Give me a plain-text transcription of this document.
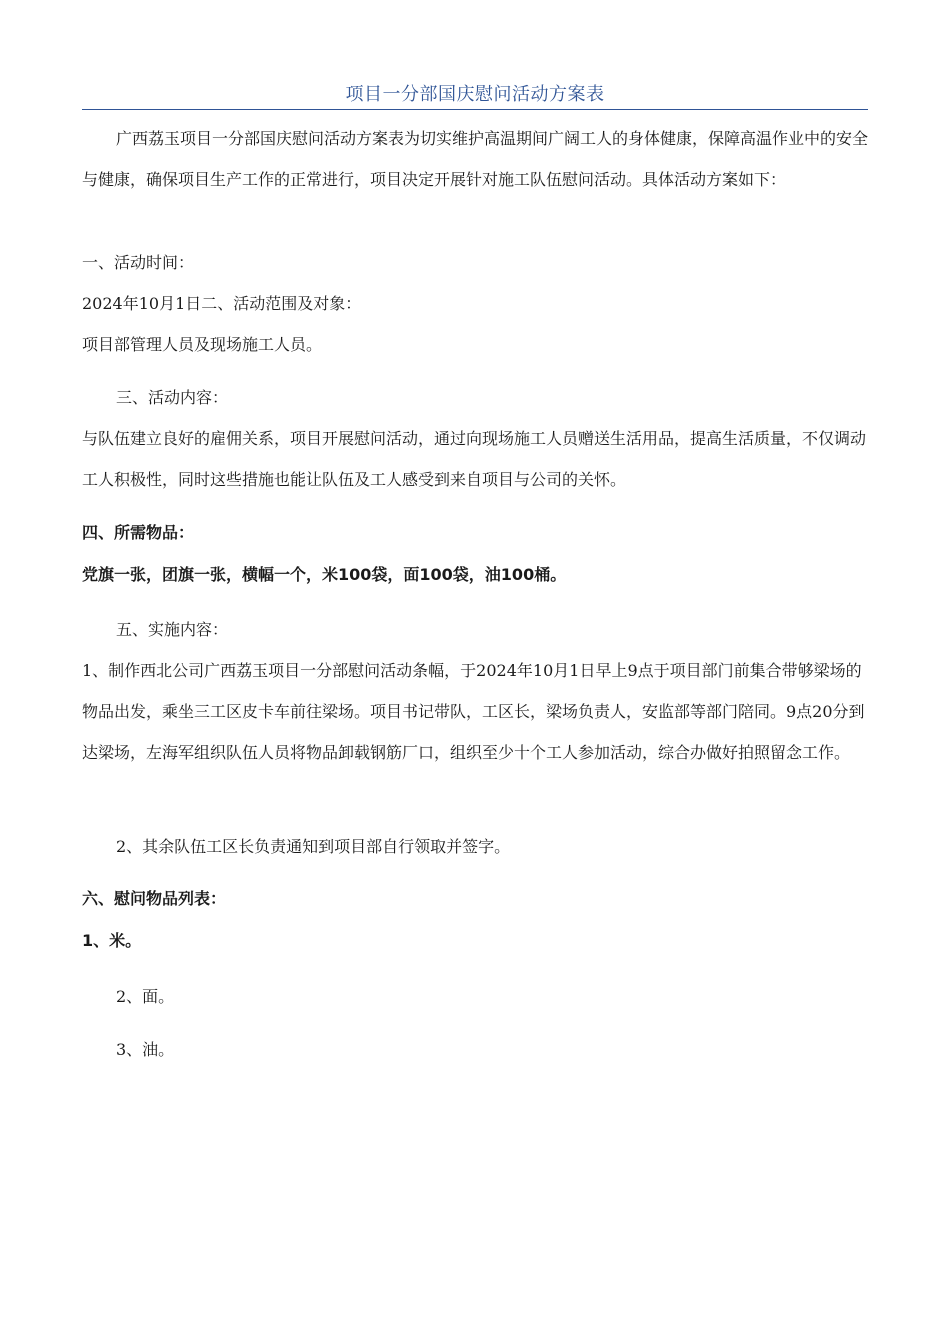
项目一分部国庆慰问活动方案表

广西荔玉项目一分部国庆慰问活动方案表为切实维护高温期间广阔工人的身体健康，保障高温作业中的安全与健康，确保项目生产工作的正常进行，项目决定开展针对施工队伍慰问活动。具体活动方案如下：

一、活动时间：

2024年10月1日二、活动范围及对象：

项目部管理人员及现场施工人员。

三、活动内容：

与队伍建立良好的雇佣关系，项目开展慰问活动，通过向现场施工人员赠送生活用品，提高生活质量，不仅调动工人积极性，同时这些措施也能让队伍及工人感受到来自项目与公司的关怀。

四、所需物品：

党旗一张，团旗一张，横幅一个，米100袋，面100袋，油100桶。

五、实施内容：

1、制作西北公司广西荔玉项目一分部慰问活动条幅，于2024年10月1日早上9点于项目部门前集合带够梁场的物品出发，乘坐三工区皮卡车前往梁场。项目书记带队，工区长，梁场负责人，安监部等部门陪同。9点20分到达梁场，左海军组织队伍人员将物品卸载钢筋厂口，组织至少十个工人参加活动，综合办做好拍照留念工作。

2、其余队伍工区长负责通知到项目部自行领取并签字。

六、慰问物品列表：

1、米。

2、面。

3、油。
